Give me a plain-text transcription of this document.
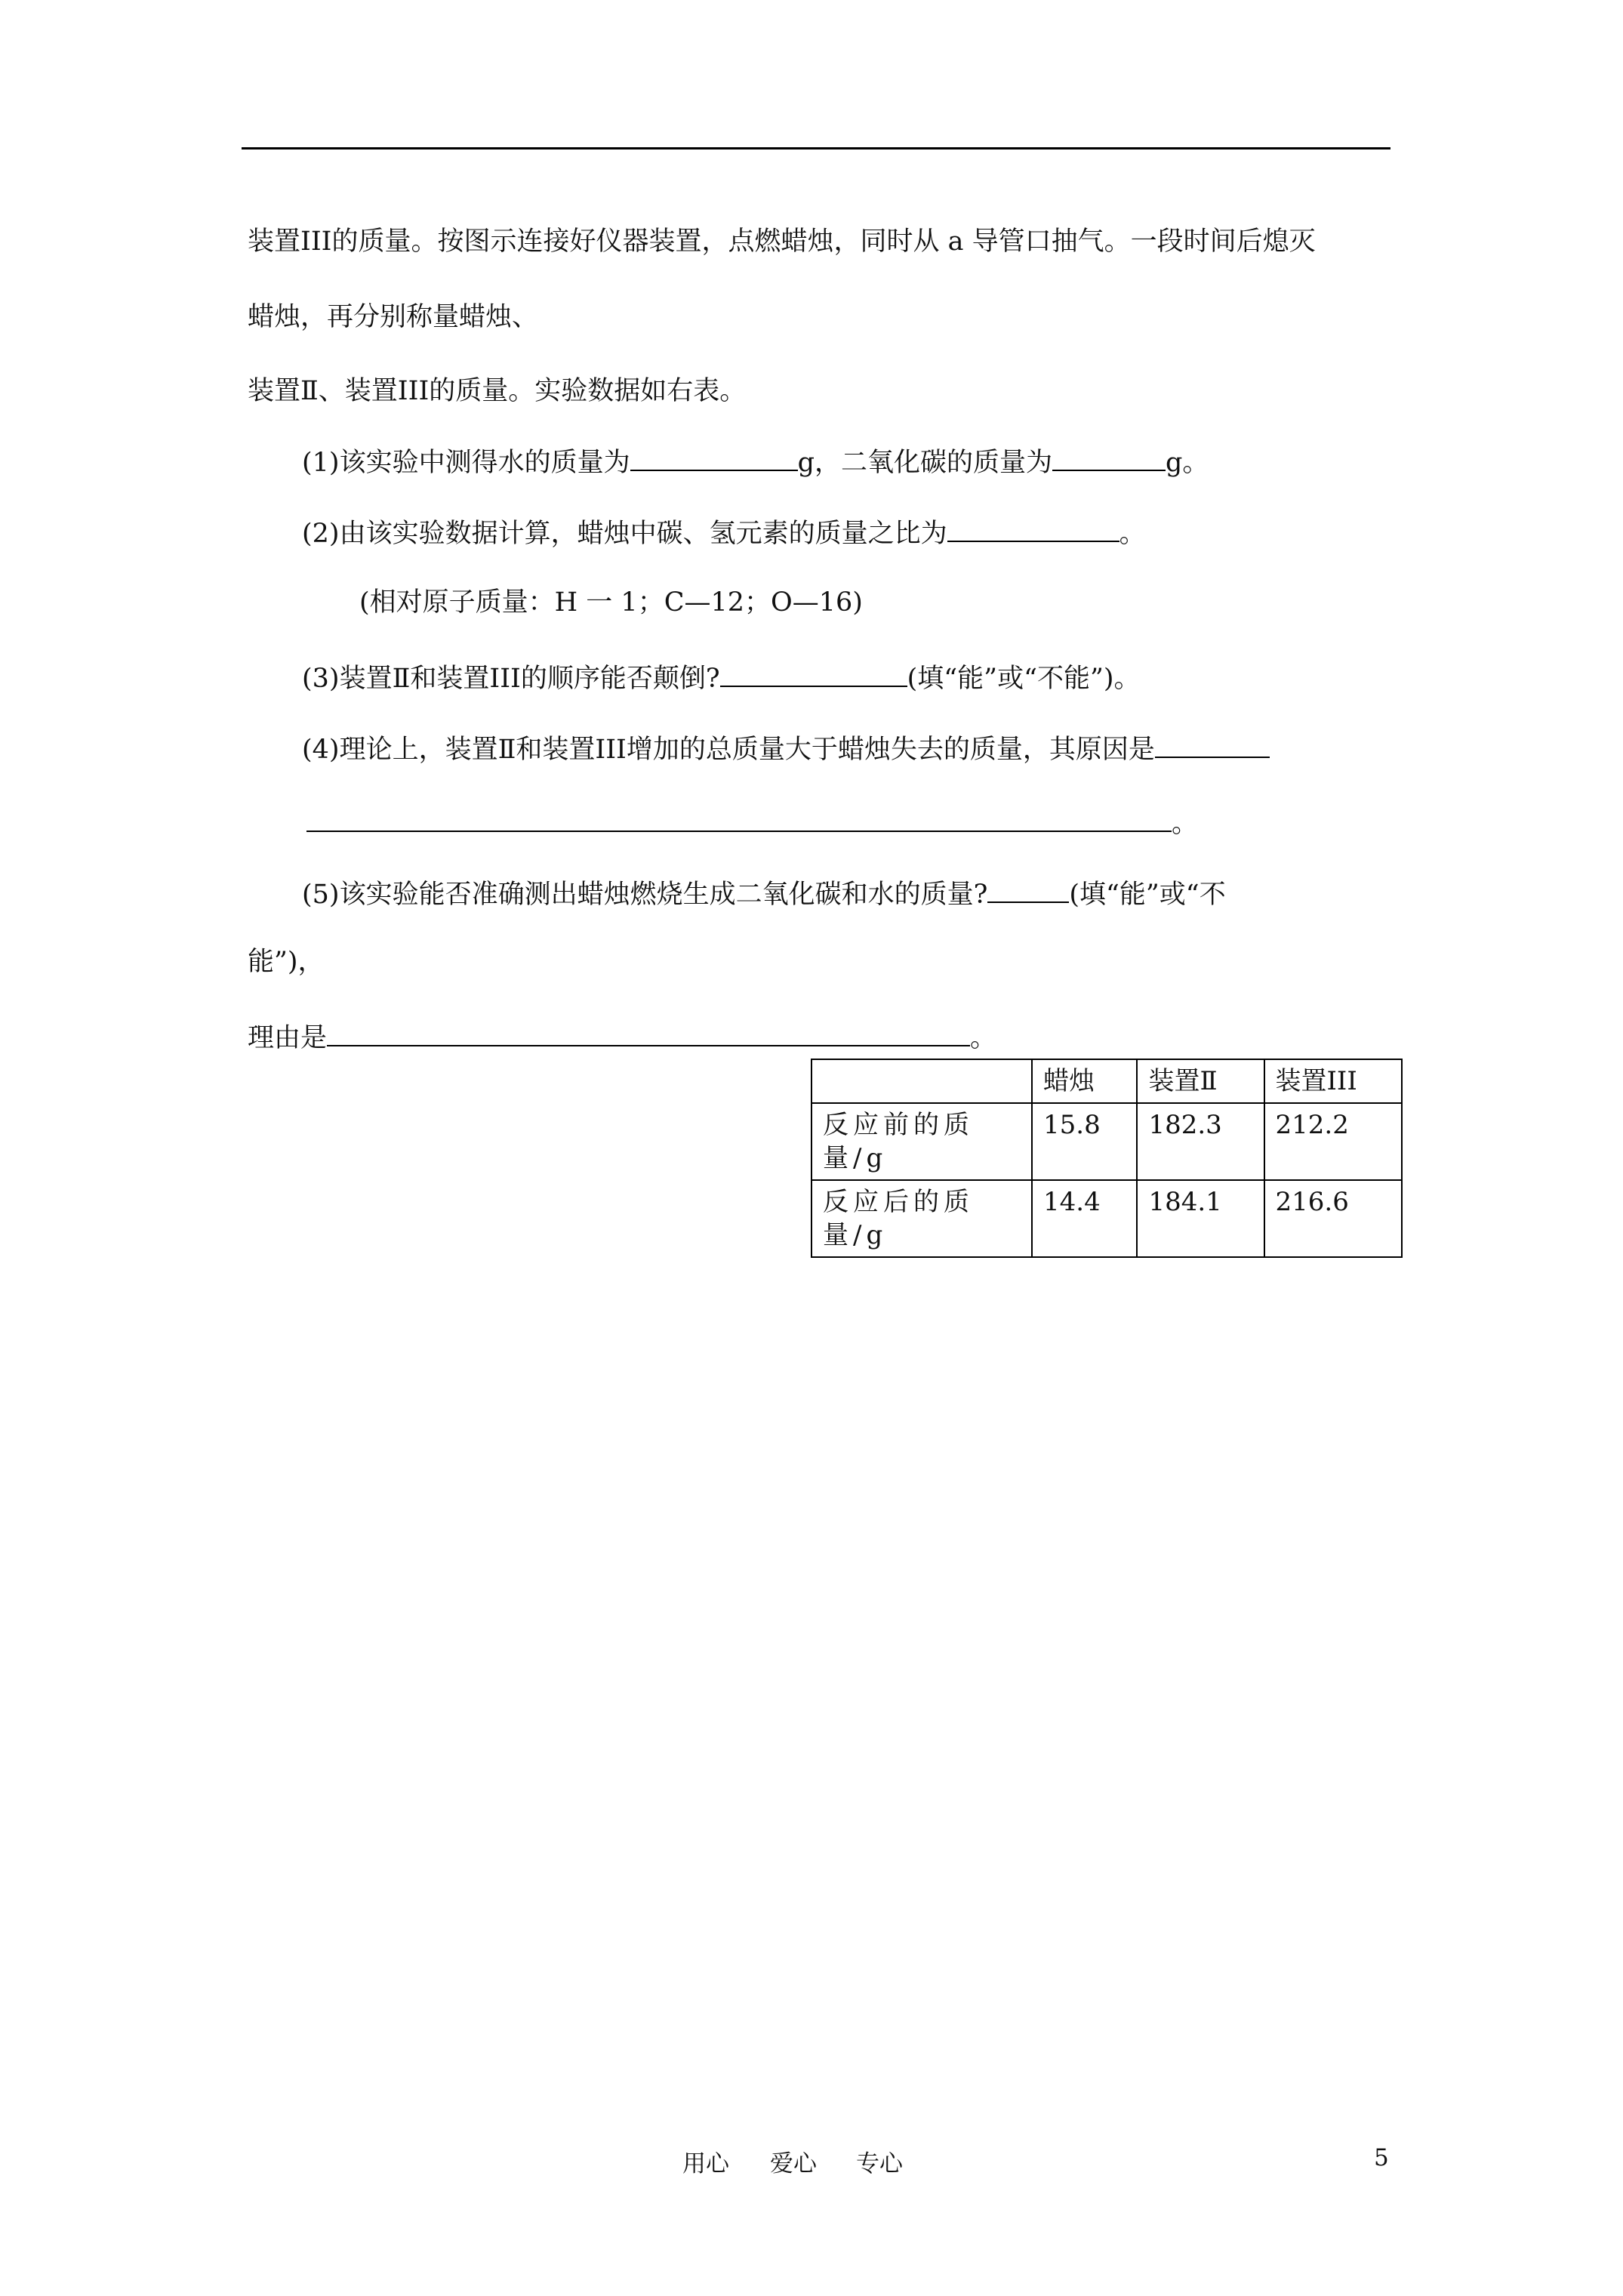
装置III的质量。按图示连接好仪器装置，点燃蜡烛，同时从 a 导管口抽气。一段时间后熄灭
蜡烛，再分别称量蜡烛、
装置Ⅱ、装置III的质量。实验数据如右表。
(1)该实验中测得水的质量为	g，二氧化碳的质量为	g。
(2)由该实验数据计算，蜡烛中碳、氢元素的质量之比为	。
(相对原子质量：H 一 1；C—12；O—16)
(3)装置Ⅱ和装置III的顺序能否颠倒?	(填“能”或“不能”)。
(4)理论上，装置Ⅱ和装置III增加的总质量大于蜡烛失去的质量，其原因是
。
(5)该实验能否准确测出蜡烛燃烧生成二氧化碳和水的质量?	(填“能”或“不
能”)，
理由是	。
	蜡烛	装置Ⅱ	装置III
反应前的质量/g	15.8	182.3	212.2
反应后的质量/g	14.4	184.1	216.6
用心 爱心 专心	5
